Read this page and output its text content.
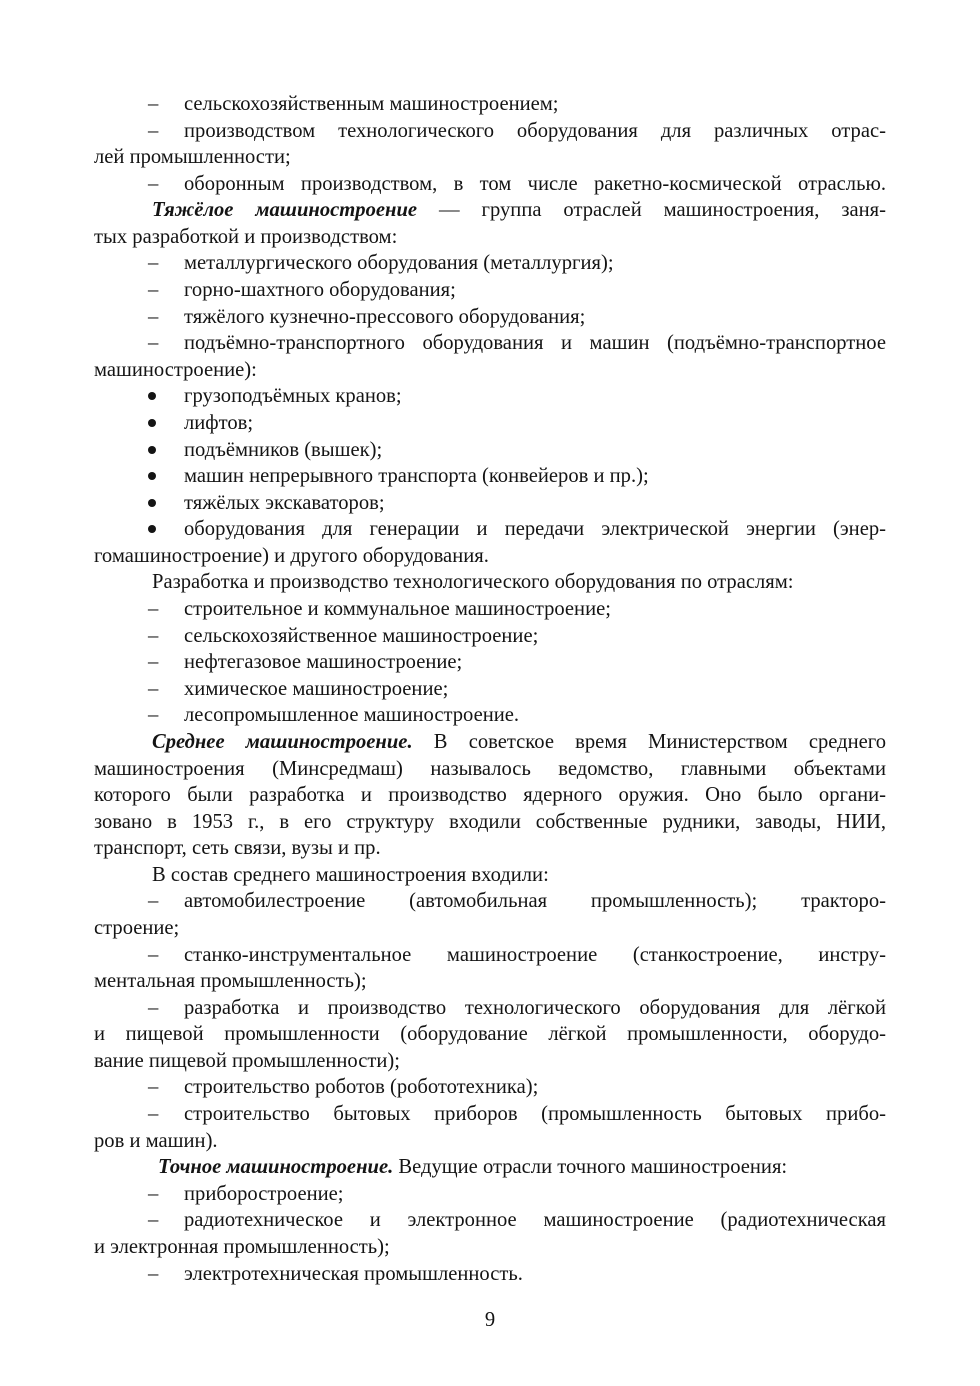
9
– сельскохозяйственным машиностроением;
– производством технологического оборудования для различных отрас-
лей промышленности;
– оборонным производством, в том числе ракетно-космической отраслью.
Тяжёлое машиностроение — группа отраслей машиностроения, заня-
тых разработкой и производством:
– металлургического оборудования (металлургия);
– горно-шахтного оборудования;
– тяжёлого кузнечно-прессового оборудования;
– подъёмно-транспортного оборудования и машин (подъёмно-транспортное
машиностроение):
грузоподъёмных кранов;
лифтов;
подъёмников (вышек);
машин непрерывного транспорта (конвейеров и пр.);
тяжёлых экскаваторов;
оборудования для генерации и передачи электрической энергии (энер-
гомашиностроение) и другого оборудования.
Разработка и производство технологического оборудования по отраслям:
– строительное и коммунальное машиностроение;
– сельскохозяйственное машиностроение;
– нефтегазовое машиностроение;
– химическое машиностроение;
– лесопромышленное машиностроение.
Среднее машиностроение. В советское время Министерством среднего
машиностроения (Минсредмаш) называлось ведомство, главными объектами
которого были разработка и производство ядерного оружия. Оно было органи-
зовано в 1953 г., в его структуру входили собственные рудники, заводы, НИИ,
транспорт, сеть связи, вузы и пр.
В состав среднего машиностроения входили:
– автомобилестроение (автомобильная промышленность); тракторо-
строение;
– станко-инструментальное машиностроение (станкостроение, инстру-
ментальная промышленность);
– разработка и производство технологического оборудования для лёгкой
и пищевой промышленности (оборудование лёгкой промышленности, оборудо-
вание пищевой промышленности);
– строительство роботов (робототехника);
– строительство бытовых приборов (промышленность бытовых прибо-
ров и машин).
Точное машиностроение. Ведущие отрасли точного машиностроения:
– приборостроение;
– радиотехническое и электронное машиностроение (радиотехническая
и электронная промышленность);
– электротехническая промышленность.
